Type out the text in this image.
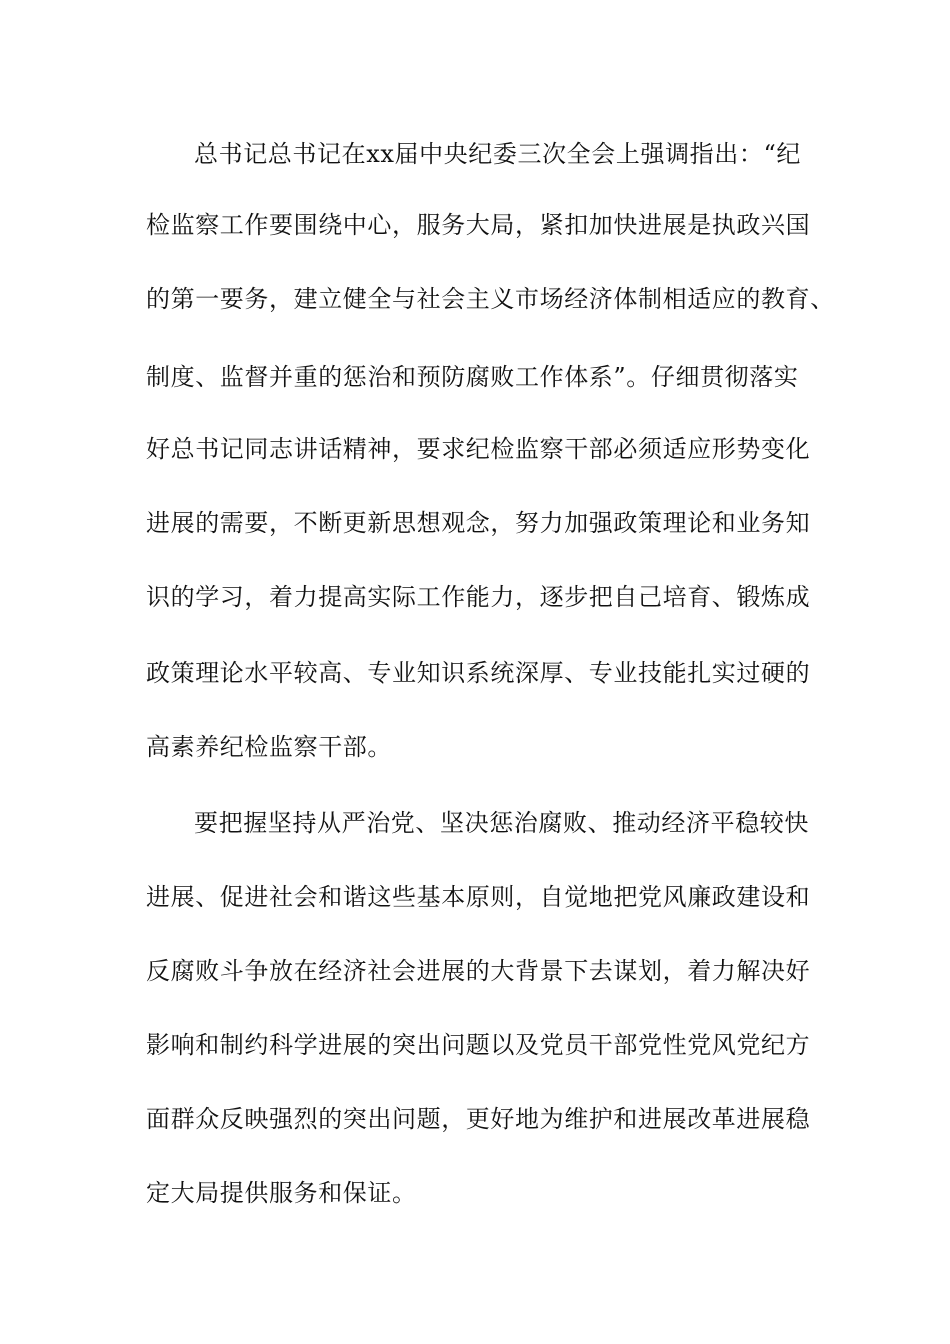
总书记总书记在xx届中央纪委三次全会上强调指出：“纪
检监察工作要围绕中心，服务大局，紧扣加快进展是执政兴国
的第一要务，建立健全与社会主义市场经济体制相适应的教育、
制度、监督并重的惩治和预防腐败工作体系”。仔细贯彻落实
好总书记同志讲话精神，要求纪检监察干部必须适应形势变化
进展的需要，不断更新思想观念，努力加强政策理论和业务知
识的学习，着力提高实际工作能力，逐步把自己培育、锻炼成
政策理论水平较高、专业知识系统深厚、专业技能扎实过硬的
高素养纪检监察干部。
要把握坚持从严治党、坚决惩治腐败、推动经济平稳较快
进展、促进社会和谐这些基本原则，自觉地把党风廉政建设和
反腐败斗争放在经济社会进展的大背景下去谋划，着力解决好
影响和制约科学进展的突出问题以及党员干部党性党风党纪方
面群众反映强烈的突出问题，更好地为维护和进展改革进展稳
定大局提供服务和保证。
